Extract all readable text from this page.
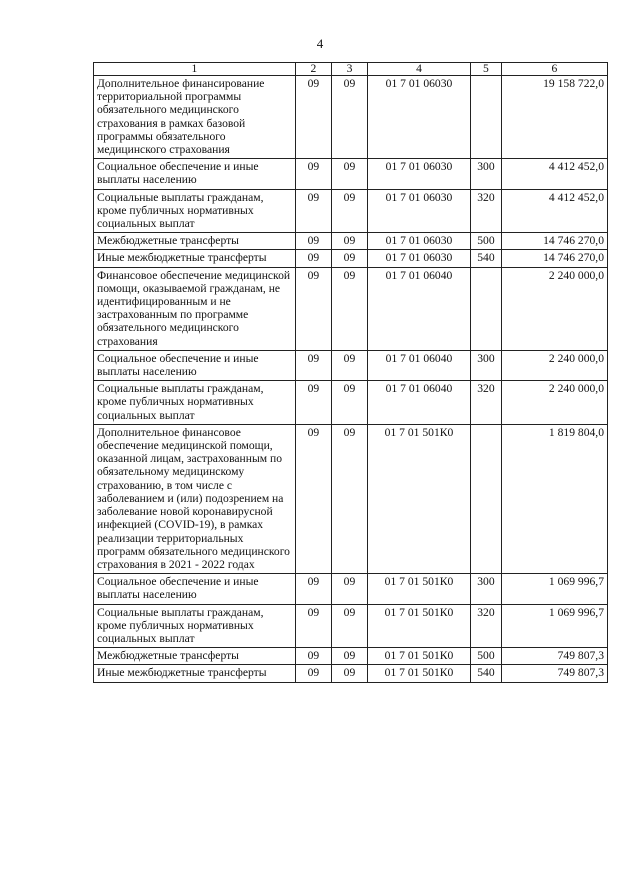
4
1	2	3	4	5	6
Дополнительное финансирование территориальной программы обязательного медицинского страхования в рамках базовой программы обязательного медицинского страхования	09	09	01 7 01 06030		19 158 722,0
Социальное обеспечение и иные выплаты населению	09	09	01 7 01 06030	300	4 412 452,0
Социальные выплаты гражданам, кроме публичных нормативных социальных выплат	09	09	01 7 01 06030	320	4 412 452,0
Межбюджетные трансферты	09	09	01 7 01 06030	500	14 746 270,0
Иные межбюджетные трансферты	09	09	01 7 01 06030	540	14 746 270,0
Финансовое обеспечение медицинской помощи, оказываемой гражданам, не идентифицированным и не застрахованным по программе обязательного медицинского страхования	09	09	01 7 01 06040		2 240 000,0
Социальное обеспечение и иные выплаты населению	09	09	01 7 01 06040	300	2 240 000,0
Социальные выплаты гражданам, кроме публичных нормативных социальных выплат	09	09	01 7 01 06040	320	2 240 000,0
Дополнительное финансовое обеспечение медицинской помощи, оказанной лицам, застрахованным по обязательному медицинскому страхованию, в том числе с заболеванием и (или) подозрением на заболевание новой коронавирусной инфекцией (COVID-19), в рамках реализации территориальных программ обязательного медицинского страхования в 2021 - 2022 годах	09	09	01 7 01 501К0		1 819 804,0
Социальное обеспечение и иные выплаты населению	09	09	01 7 01 501К0	300	1 069 996,7
Социальные выплаты гражданам, кроме публичных нормативных социальных выплат	09	09	01 7 01 501К0	320	1 069 996,7
Межбюджетные трансферты	09	09	01 7 01 501К0	500	749 807,3
Иные межбюджетные трансферты	09	09	01 7 01 501К0	540	749 807,3
